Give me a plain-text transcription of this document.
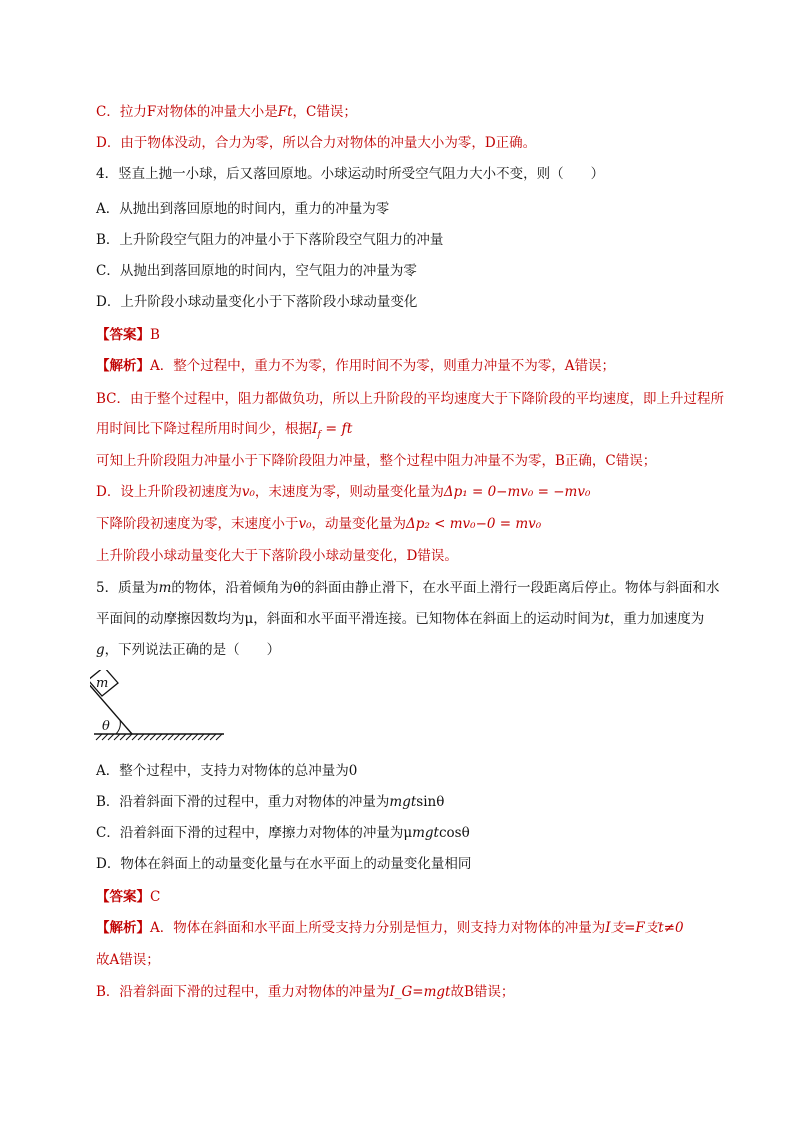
C．拉力F对物体的冲量大小是Ft，C错误；
D．由于物体没动，合力为零，所以合力对物体的冲量大小为零，D正确。
4．竖直上抛一小球，后又落回原地。小球运动时所受空气阻力大小不变，则（　　）
A．从抛出到落回原地的时间内，重力的冲量为零
B．上升阶段空气阻力的冲量小于下落阶段空气阻力的冲量
C．从抛出到落回原地的时间内，空气阻力的冲量为零
D．上升阶段小球动量变化小于下落阶段小球动量变化
【答案】B
【解析】A．整个过程中，重力不为零，作用时间不为零，则重力冲量不为零，A错误；
BC．由于整个过程中，阻力都做负功，所以上升阶段的平均速度大于下降阶段的平均速度，即上升过程所
用时间比下降过程所用时间少，根据$I_f$ = ft
可知上升阶段阻力冲量小于下降阶段阻力冲量，整个过程中阻力冲量不为零，B正确，C错误；
D．设上升阶段初速度为v₀，末速度为零，则动量变化量为Δp₁ = 0−mv₀ = −mv₀
下降阶段初速度为零，末速度小于v₀，动量变化量为Δp₂ < mv₀−0 = mv₀
上升阶段小球动量变化大于下落阶段小球动量变化，D错误。
5．质量为m的物体，沿着倾角为θ的斜面由静止滑下，在水平面上滑行一段距离后停止。物体与斜面和水
平面间的动摩擦因数均为μ，斜面和水平面平滑连接。已知物体在斜面上的运动时间为t，重力加速度为
g，下列说法正确的是（　　）
m
θ
A．整个过程中，支持力对物体的总冲量为0
B．沿着斜面下滑的过程中，重力对物体的冲量为mgtsinθ
C．沿着斜面下滑的过程中，摩擦力对物体的冲量为μmgtcosθ
D．物体在斜面上的动量变化量与在水平面上的动量变化量相同
【答案】C
【解析】A．物体在斜面和水平面上所受支持力分别是恒力，则支持力对物体的冲量为I支=F支t≠0
故A错误；
B．沿着斜面下滑的过程中，重力对物体的冲量为I_G=mgt故B错误；
